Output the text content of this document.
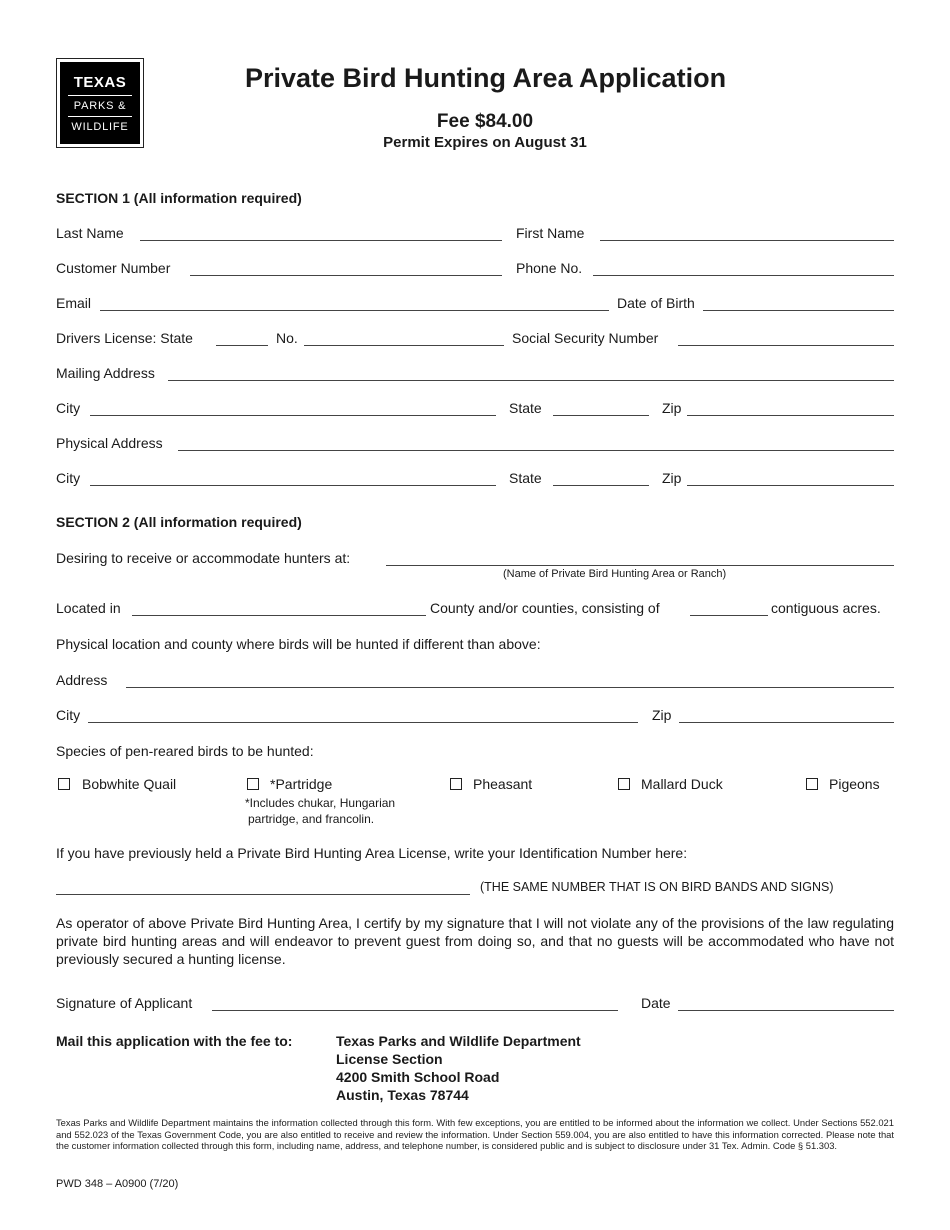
TEXAS
PARKS &
WILDLIFE
Private Bird Hunting Area Application
Fee $84.00
Permit Expires on August 31
SECTION 1 (All information required)
Last Name	First Name
Customer Number	Phone No.
Email	Date of Birth
Drivers License: State	No.	Social Security Number
Mailing Address
City	State	Zip
Physical Address
City	State	Zip
SECTION 2 (All information required)
Desiring to receive or accommodate hunters at:
(Name of Private Bird Hunting Area or Ranch)
Located in	County and/or counties, consisting of	contiguous acres.
Physical location and county where birds will be hunted if different than above:
Address
City	Zip
Species of pen-reared birds to be hunted:
Bobwhite Quail	*Partridge	Pheasant	Mallard Duck	Pigeons
*Includes chukar, Hungarian
partridge, and francolin.
If you have previously held a Private Bird Hunting Area License, write your Identification Number here:
(THE SAME NUMBER THAT IS ON BIRD BANDS AND SIGNS)
As operator of above Private Bird Hunting Area, I certify by my signature that I will not violate any of the provisions of the law regulating private bird hunting areas and will endeavor to prevent guest from doing so, and that no guests will be accommodated who have not previously secured a hunting license.
Signature of Applicant	Date
Mail this application with the fee to:	Texas Parks and Wildlife Department
License Section
4200 Smith School Road
Austin, Texas 78744
Texas Parks and Wildlife Department maintains the information collected through this form. With few exceptions, you are entitled to be informed about the information we collect. Under Sections 552.021 and 552.023 of the Texas Government Code, you are also entitled to receive and review the information. Under Section 559.004, you are also entitled to have this information corrected. Please note that the customer information collected through this form, including name, address, and telephone number, is considered public and is subject to disclosure under 31 Tex. Admin. Code § 51.303.
PWD 348 – A0900 (7/20)
